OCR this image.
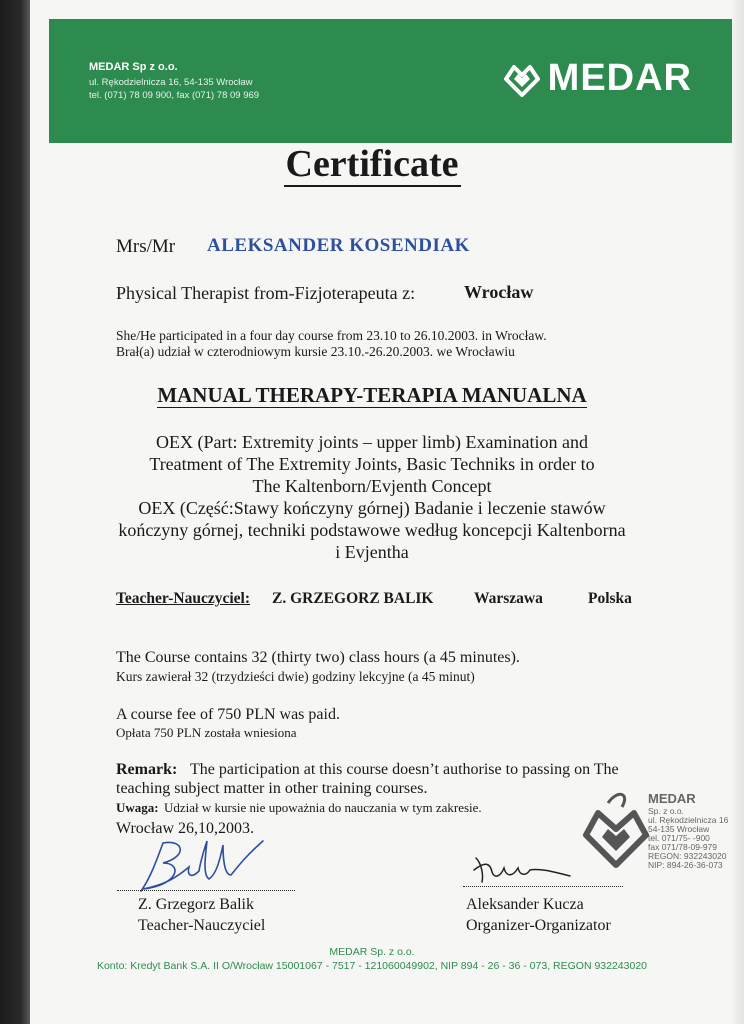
MEDAR Sp z o.o.
ul. Rękodzielnicza 16, 54-135 Wrocław
tel. (071) 78 09 900, fax (071) 78 09 969	MEDAR
Certificate
Mrs/Mr ALEKSANDER KOSENDIAK
Physical Therapist from-Fizjoterapeuta z:	Wrocław
She/He participated in a four day course from 23.10 to 26.10.2003. in Wrocław.
Brał(a) udział w czterodniowym kursie 23.10.-26.20.2003. we Wrocławiu
MANUAL THERAPY-TERAPIA MANUALNA
OEX (Part: Extremity joints – upper limb) Examination and
Treatment of The Extremity Joints, Basic Techniks in order to
The Kaltenborn/Evjenth Concept
OEX (Część:Stawy kończyny górnej) Badanie i leczenie stawów
kończyny górnej, techniki podstawowe według koncepcji Kaltenborna
i Evjentha
Teacher-Nauczyciel: Z. GRZEGORZ BALIK	Warszawa	Polska
The Course contains 32 (thirty two) class hours (a 45 minutes).
Kurs zawierał 32 (trzydzieści dwie) godziny lekcyjne (a 45 minut)
A course fee of 750 PLN was paid.
Opłata 750 PLN została wniesiona
Remark: The participation at this course doesn’t authorise to passing on The
teaching subject matter in other training courses.
Uwaga: Udział w kursie nie upoważnia do nauczania w tym zakresie.
Wrocław 26,10,2003.
MEDAR
Sp. z o.o.
ul. Rękodzielnicza 16
54-135 Wrocław
tel. 071/75- -900
fax 071/78-09-979
REGON: 932243020
NIP: 894-26-36-073
Z. Grzegorz Balik
Teacher-Nauczyciel
Aleksander Kucza
Organizer-Organizator
MEDAR Sp. z o.o.
Konto: Kredyt Bank S.A. II O/Wrocław 15001067 - 7517 - 121060049902, NIP 894 - 26 - 36 - 073, REGON 932243020
